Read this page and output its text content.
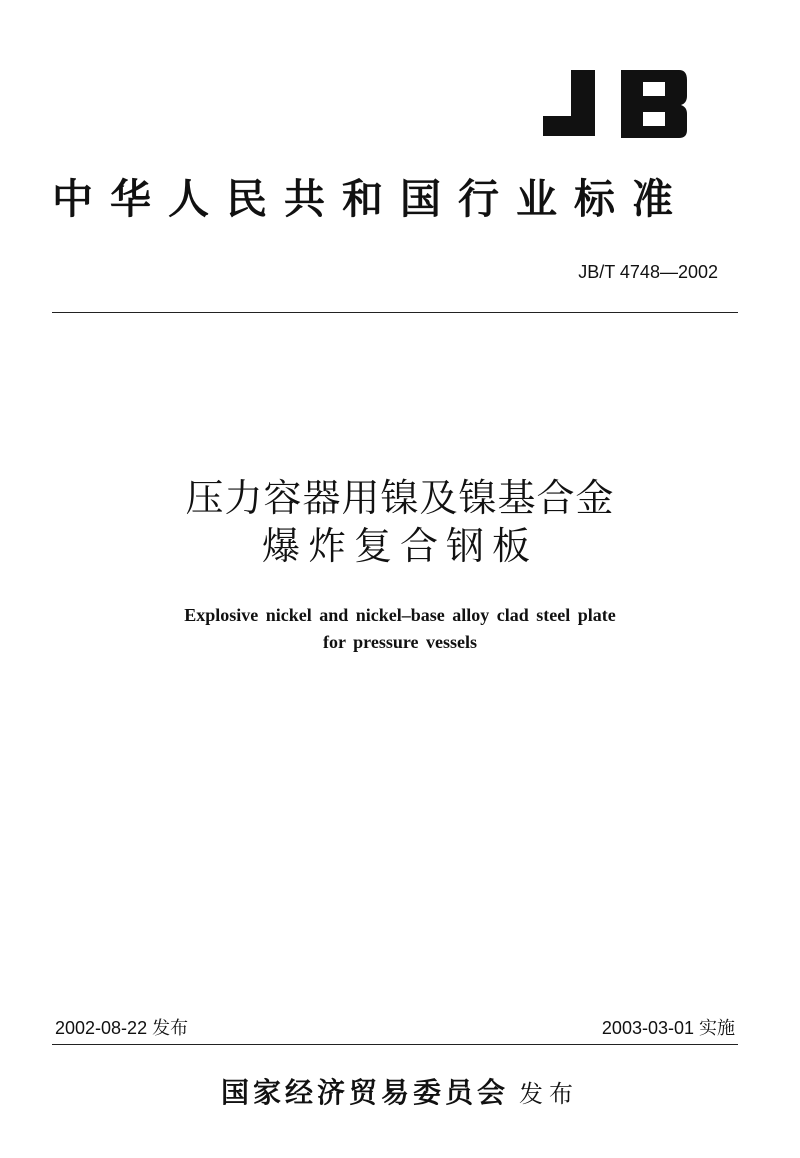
中华人民共和国行业标准
JB/T 4748—2002
压力容器用镍及镍基合金
爆炸复合钢板
Explosive nickel and nickel–base alloy clad steel plate
for pressure vessels
2002-08-22 发布	2003-03-01 实施
国家经济贸易委员会 发布
